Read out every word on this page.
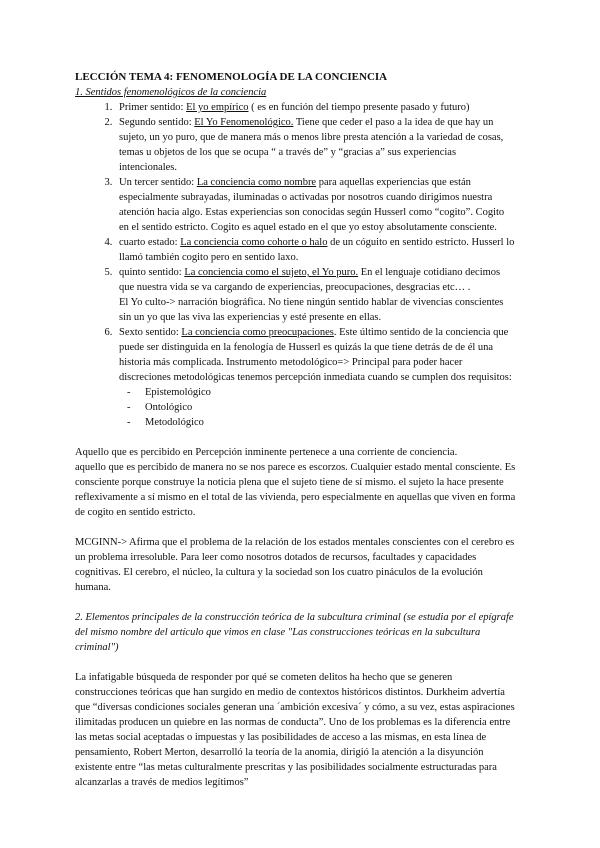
LECCIÓN TEMA 4: FENOMENOLOGÍA DE LA CONCIENCIA

1. Sentidos fenomenológicos de la conciencia

1. Primer sentido: El yo empírico ( es en función del tiempo presente pasado y futuro)
2. Segundo sentido: El Yo Fenomenológico. Tiene que ceder el paso a la idea de que hay un sujeto, un yo puro, que de manera más o menos libre presta atención a la variedad de cosas, temas u objetos de los que se ocupa “ a través de” y “gracias a” sus experiencias intencionales.
3. Un tercer sentido: La conciencia como nombre para aquellas experiencias que están especialmente subrayadas, iluminadas o activadas por nosotros cuando dirigimos nuestra atención hacia algo. Estas experiencias son conocidas según Husserl como “cogito”. Cogito en el sentido estricto. Cogito es aquel estado en el que yo estoy absolutamente consciente.
4. cuarto estado: La conciencia como cohorte o halo de un cóguito en sentido estricto. Husserl lo llamó también cogito pero en sentido laxo.
5. quinto sentido: La conciencia como el sujeto, el Yo puro. En el lenguaje cotidiano decimos que nuestra vida se va cargando de experiencias, preocupaciones, desgracias etc… .
El Yo culto-> narración biográfica. No tiene ningún sentido hablar de vivencias conscientes sin un yo que las viva las experiencias y esté presente en ellas.
6. Sexto sentido: La conciencia como preocupaciones. Este último sentido de la conciencia que puede ser distinguida en la fenología de Husserl es quizás la que tiene detrás de de él una historia más complicada. Instrumento metodológico=> Principal para poder hacer discreciones metodológicas tenemos percepción inmediata cuando se cumplen dos requisitos:
- Epistemológico
- Ontológico
- Metodológico

Aquello que es percibido en Percepción inminente pertenece a una corriente de conciencia.
aquello que es percibido de manera no se nos parece es escorzos. Cualquier estado mental consciente. Es consciente porque construye la noticia plena que el sujeto tiene de sí mismo. el sujeto la hace presente reflexivamente a sí mismo en el total de las vivienda, pero especialmente en aquellas que viven en forma de cogito en sentido estricto.

MCGINN-> Afirma que el problema de la relación de los estados mentales conscientes con el cerebro es un problema irresoluble. Para leer como nosotros dotados de recursos, facultades y capacidades cognitivas. El cerebro, el núcleo, la cultura y la sociedad son los cuatro pináculos de la evolución humana.

2. Elementos principales de la construcción teórica de la subcultura criminal (se estudia por el epígrafe del mismo nombre del artículo que vimos en clase "Las construcciones teóricas en la subcultura criminal")

La infatigable búsqueda de responder por qué se cometen delitos ha hecho que se generen construcciones teóricas que han surgido en medio de contextos históricos distintos. Durkheim advertía que “diversas condiciones sociales generan una ´ambición excesiva´ y cómo, a su vez, estas aspiraciones ilimitadas producen un quiebre en las normas de conducta”. Uno de los problemas es la diferencia entre las metas social aceptadas o impuestas y las posibilidades de acceso a las mismas, en esta línea de pensamiento, Robert Merton, desarrolló la teoría de la anomia, dirigió la atención a la disyunción existente entre “las metas culturalmente prescritas y las posibilidades socialmente estructuradas para alcanzarlas a través de medios legítimos”
